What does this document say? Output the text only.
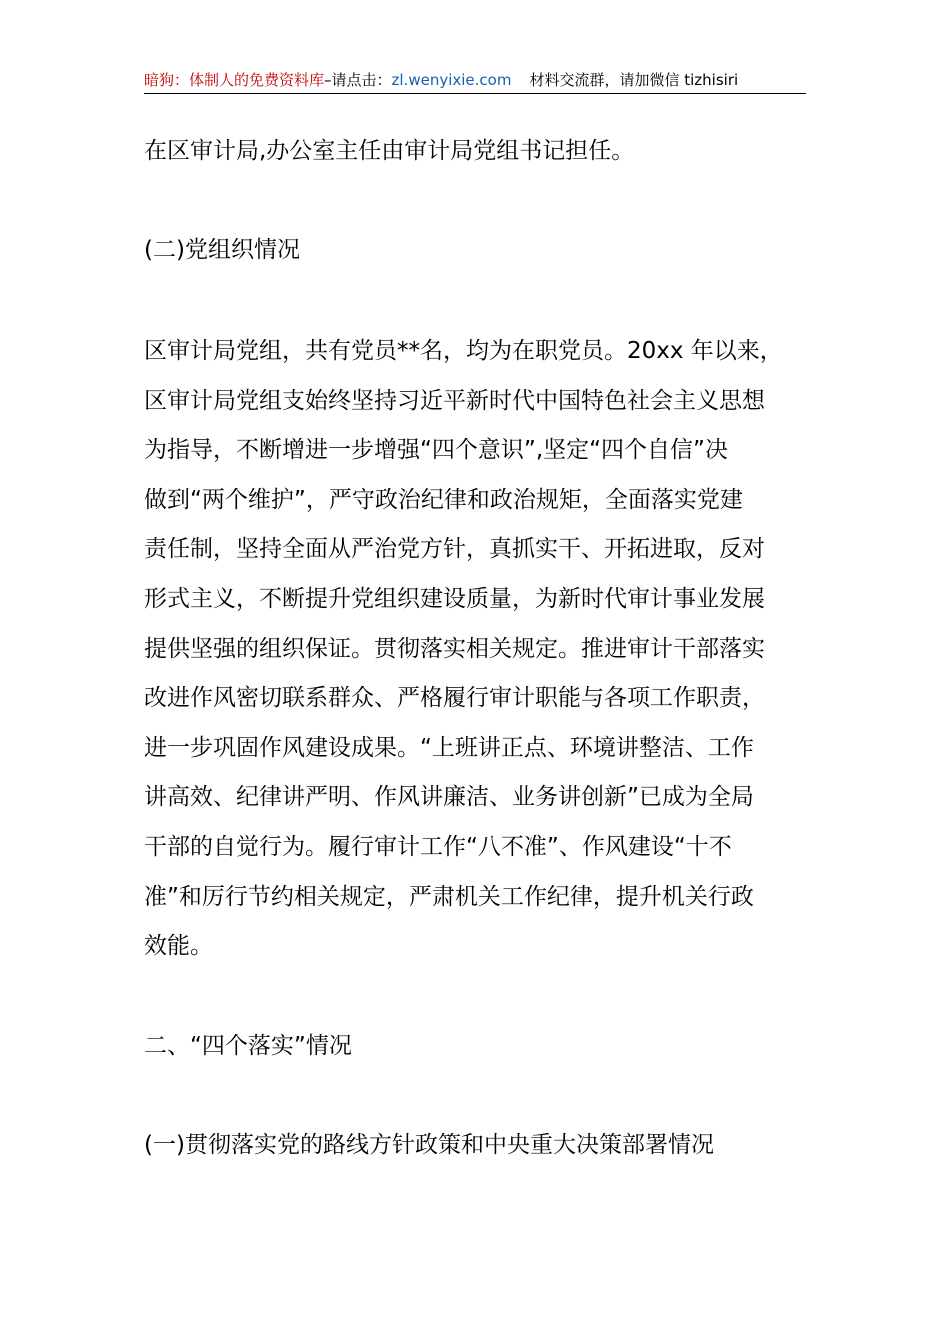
暗狗：体制人的免费资料库–请点击：zl.wenyixie.com 材料交流群，请加微信 tizhisiri

在区审计局,办公室主任由审计局党组书记担任。

(二)党组织情况

区审计局党组，共有党员**名，均为在职党员。20xx 年以来，
区审计局党组支始终坚持习近平新时代中国特色社会主义思想
为指导，不断增进一步增强“四个意识”,坚定“四个自信”决
做到“两个维护”，严守政治纪律和政治规矩，全面落实党建
责任制，坚持全面从严治党方针，真抓实干、开拓进取，反对
形式主义，不断提升党组织建设质量，为新时代审计事业发展
提供坚强的组织保证。贯彻落实相关规定。推进审计干部落实
改进作风密切联系群众、严格履行审计职能与各项工作职责，
进一步巩固作风建设成果。“上班讲正点、环境讲整洁、工作
讲高效、纪律讲严明、作风讲廉洁、业务讲创新”已成为全局
干部的自觉行为。履行审计工作“八不准”、作风建设“十不
准”和厉行节约相关规定，严肃机关工作纪律，提升机关行政
效能。

二、“四个落实”情况

(一)贯彻落实党的路线方针政策和中央重大决策部署情况
